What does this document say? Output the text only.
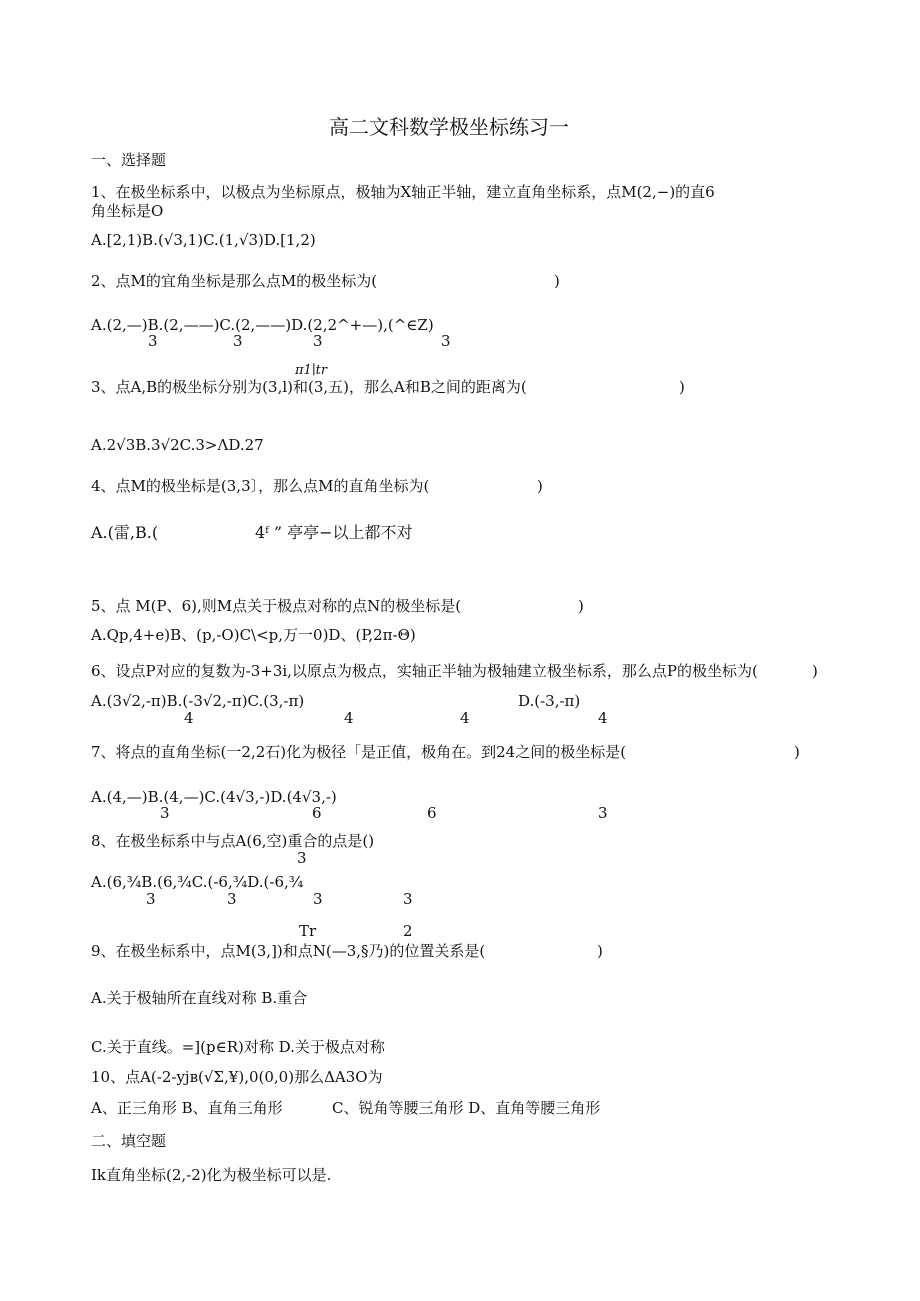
高二文科数学极坐标练习一
一、选择题
1、在极坐标系中，以极点为坐标原点，极轴为X轴正半轴，建立直角坐标系，点M(2,−)的直6
角坐标是O
A.[2,1)B.(√3,1)C.(1,√3)D.[1,2)
2、点M的宜角坐标是那么点M的极坐标为(	)
A.(2,—)B.(2,——)C.(2,——)D.(2,2^+—),(^∈Z)
3	3	3	3
π1∣tr
3、点A,B的极坐标分别为(3,l)和(3,五)，那么A和B之间的距离为(	)
A.2√3B.3√2C.3>ΛD.27
4、点M的极坐标是(3,3〕，那么点M的直角坐标为(	)
A.(雷,B.(	4ᶠ ” 亭亭−以上都不对
5、点 M(P、6),则M点关于极点对称的点N的极坐标是(	)
A.Qp,4+e)B、(p,-O)C\<p,万一0)D、(P,2π-Θ)
6、设点P对应的复数为-3+3i,以原点为极点，实轴正半轴为极轴建立极坐标系，那么点P的极坐标为(	)
A.(3√2,-π)B.(-3√2,-π)C.(3,-π)	D.(-3,-π)
4	4	4	4
7、将点的直角坐标(一2,2石)化为极径「是正值，极角在。到24之间的极坐标是(	)
A.(4,—)B.(4,—)C.(4√3,-)D.(4√3,-)
3	6	6	3
8、在极坐标系中与点A(6,空)重合的点是()
3
A.(6,¾B.(6,¾C.(-6,¾D.(-6,¾
3	3	3	3
Tr	2
9、在极坐标系中，点M(3,])和点N(—3,§乃)的位置关系是(	)
A.关于极轴所在直线对称 B.重合
C.关于直线。=](p∈R)对称 D.关于极点对称
10、点A(-2-yjʙ(√Σ,¥),0(0,0)那么ΔA3O为
A、正三角形 B、直角三角形	C、锐角等腰三角形 D、直角等腰三角形
二、填空题
Ik直角坐标(2,-2)化为极坐标可以是.
